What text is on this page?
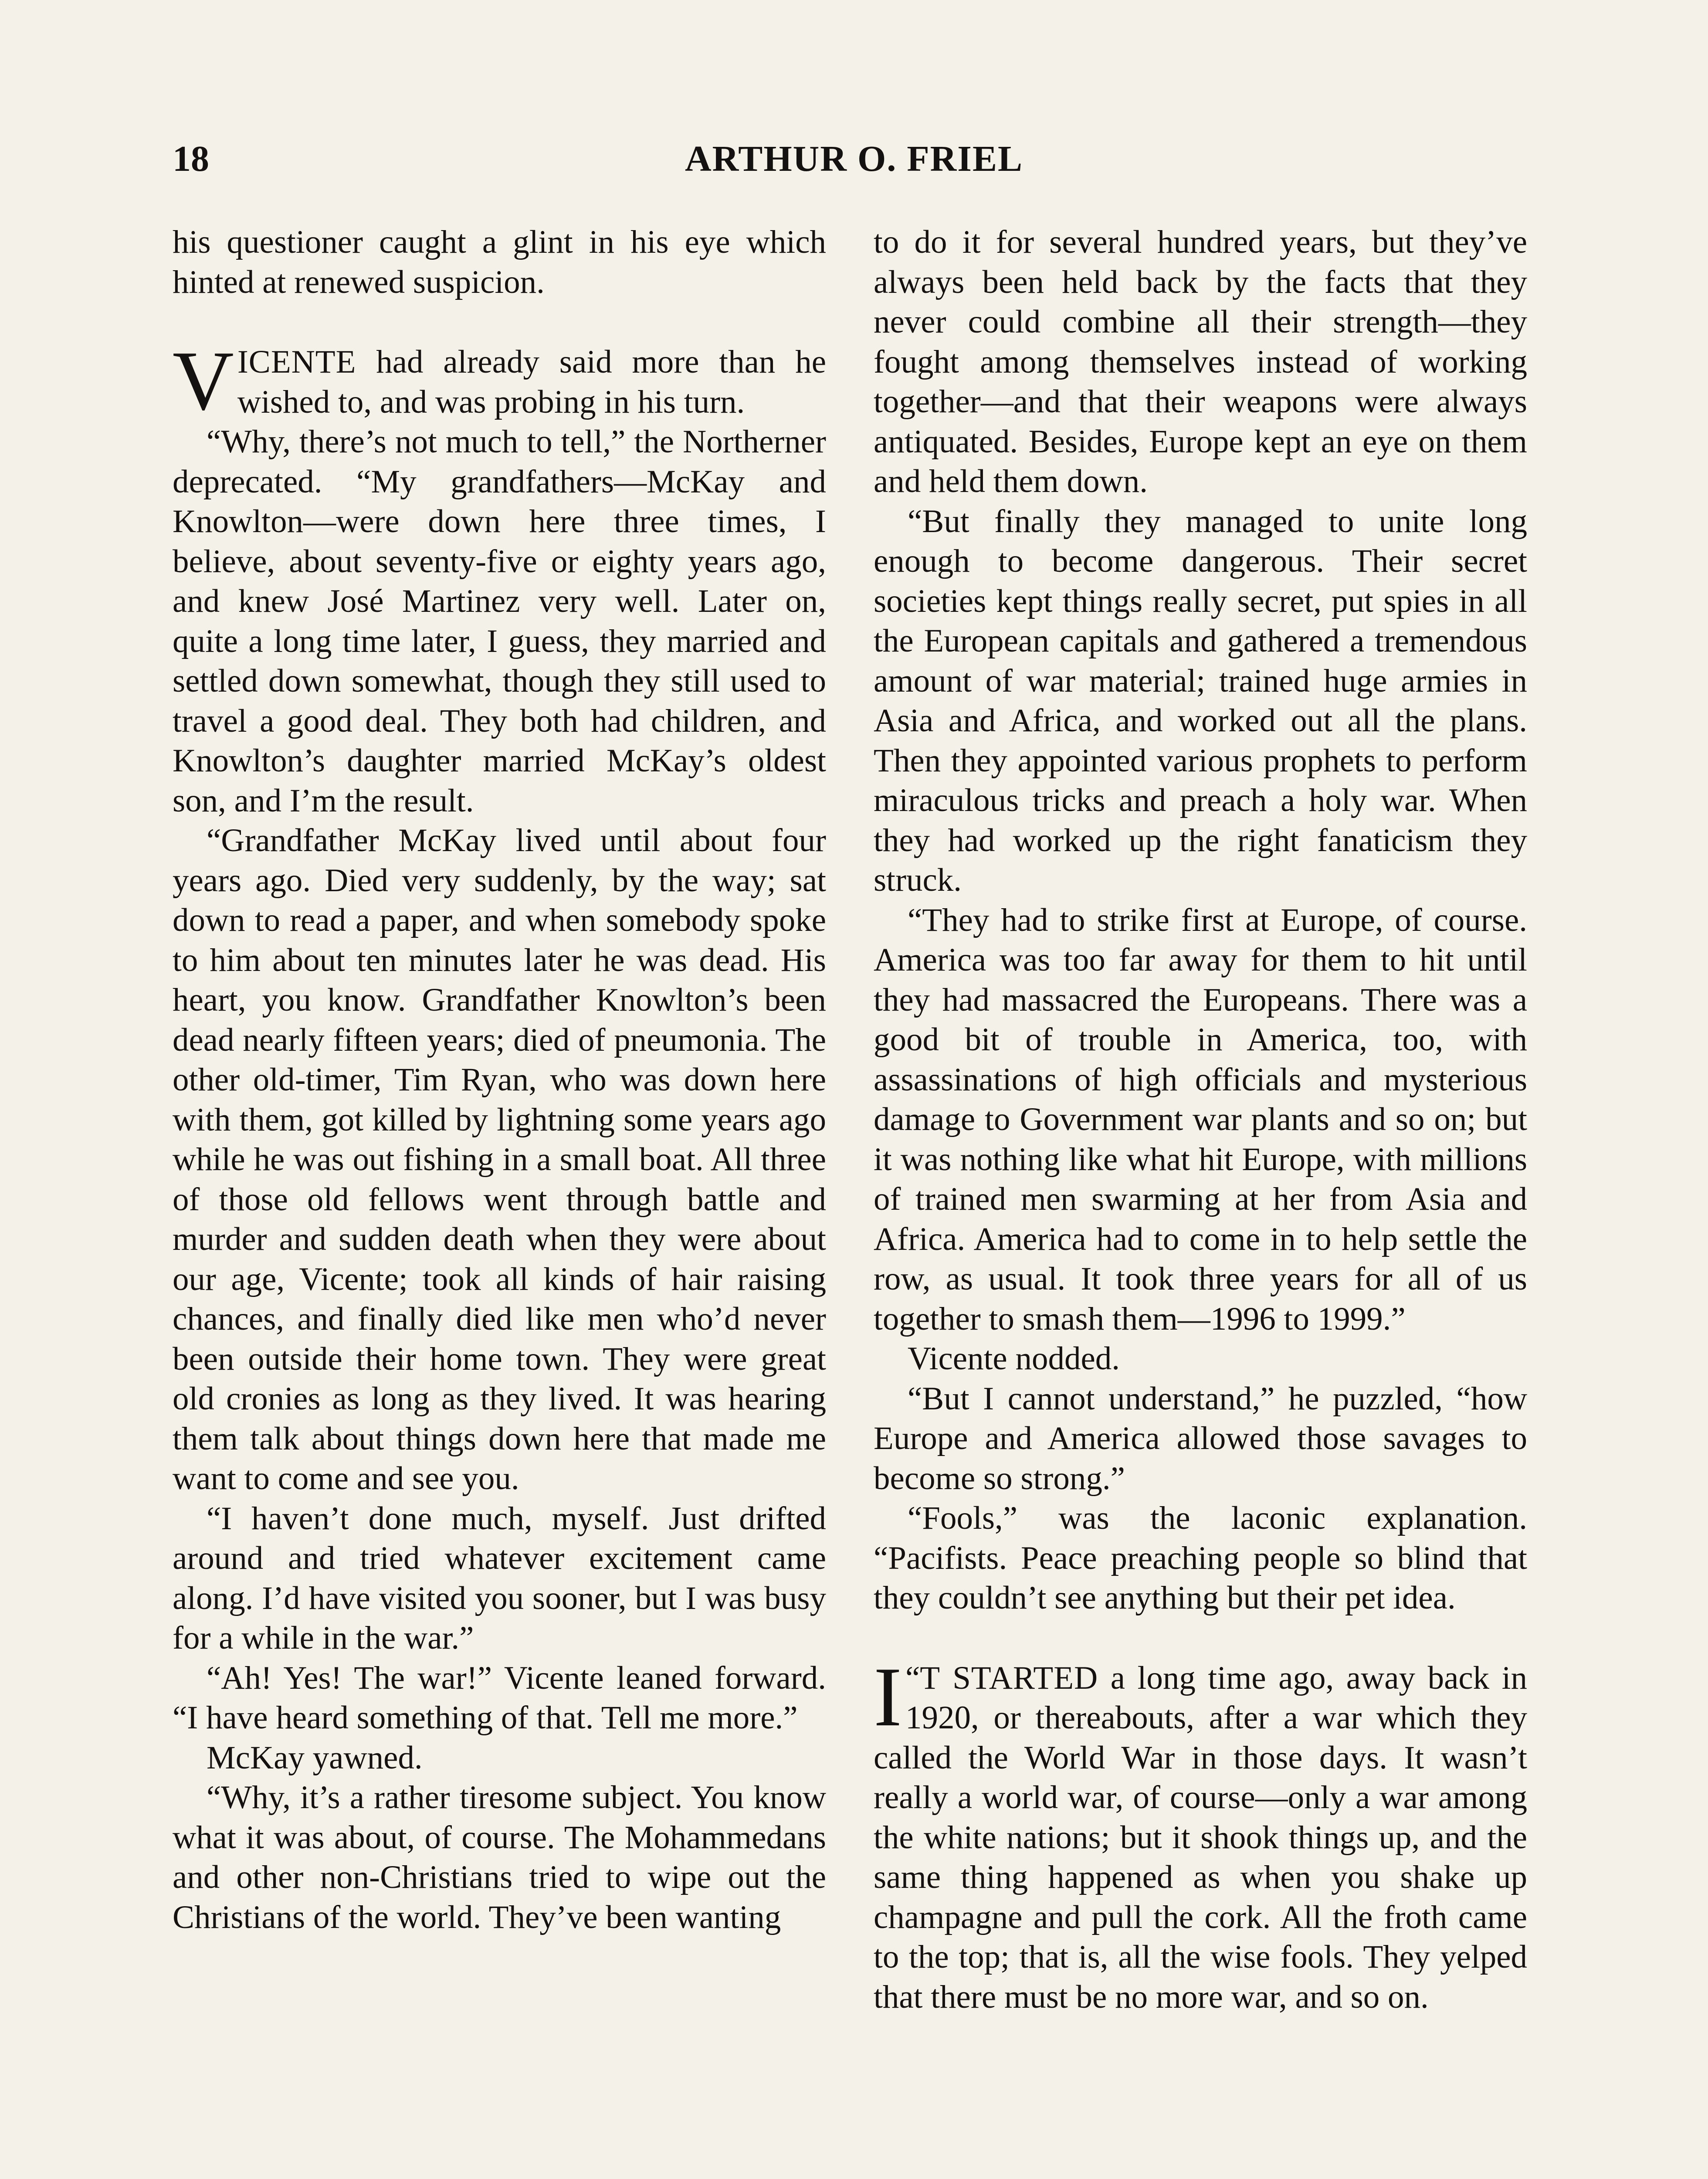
18	ARTHUR O. FRIEL

his questioner caught a glint in his eye which hinted at renewed suspicion.

VICENTE had already said more than he wished to, and was probing in his turn.

“Why, there’s not much to tell,” the Northerner deprecated. “My grandfathers—McKay and Knowlton—were down here three times, I believe, about seventy-five or eighty years ago, and knew José Martinez very well. Later on, quite a long time later, I guess, they married and settled down somewhat, though they still used to travel a good deal. They both had children, and Knowlton’s daughter married McKay’s oldest son, and I’m the result.

“Grandfather McKay lived until about four years ago. Died very suddenly, by the way; sat down to read a paper, and when somebody spoke to him about ten minutes later he was dead. His heart, you know. Grandfather Knowlton’s been dead nearly fifteen years; died of pneumonia. The other old-timer, Tim Ryan, who was down here with them, got killed by lightning some years ago while he was out fishing in a small boat. All three of those old fellows went through battle and murder and sudden death when they were about our age, Vicente; took all kinds of hair raising chances, and finally died like men who’d never been outside their home town. They were great old cronies as long as they lived. It was hearing them talk about things down here that made me want to come and see you.

“I haven’t done much, myself. Just drifted around and tried whatever excitement came along. I’d have visited you sooner, but I was busy for a while in the war.”

“Ah! Yes! The war!” Vicente leaned forward. “I have heard something of that. Tell me more.”

McKay yawned.

“Why, it’s a rather tiresome subject. You know what it was about, of course. The Mohammedans and other non-Christians tried to wipe out the Christians of the world. They’ve been wanting

to do it for several hundred years, but they’ve always been held back by the facts that they never could combine all their strength—they fought among themselves instead of working together—and that their weapons were always antiquated. Besides, Europe kept an eye on them and held them down.

“But finally they managed to unite long enough to become dangerous. Their secret societies kept things really secret, put spies in all the European capitals and gathered a tremendous amount of war material; trained huge armies in Asia and Africa, and worked out all the plans. Then they appointed various prophets to perform miraculous tricks and preach a holy war. When they had worked up the right fanaticism they struck.

“They had to strike first at Europe, of course. America was too far away for them to hit until they had massacred the Europeans. There was a good bit of trouble in America, too, with assassinations of high officials and mysterious damage to Government war plants and so on; but it was nothing like what hit Europe, with millions of trained men swarming at her from Asia and Africa. America had to come in to help settle the row, as usual. It took three years for all of us together to smash them—1996 to 1999.”

Vicente nodded.

“But I cannot understand,” he puzzled, “how Europe and America allowed those savages to become so strong.”

“Fools,” was the laconic explanation. “Pacifists. Peace preaching people so blind that they couldn’t see anything but their pet idea.

“
I T STARTED a long time ago, away back in 1920, or thereabouts, after a war which they called the World War in those days. It wasn’t really a world war, of course—only a war among the white nations; but it shook things up, and the same thing happened as when you shake up champagne and pull the cork. All the froth came to the top; that is, all the wise fools. They yelped that there must be no more war, and so on.
